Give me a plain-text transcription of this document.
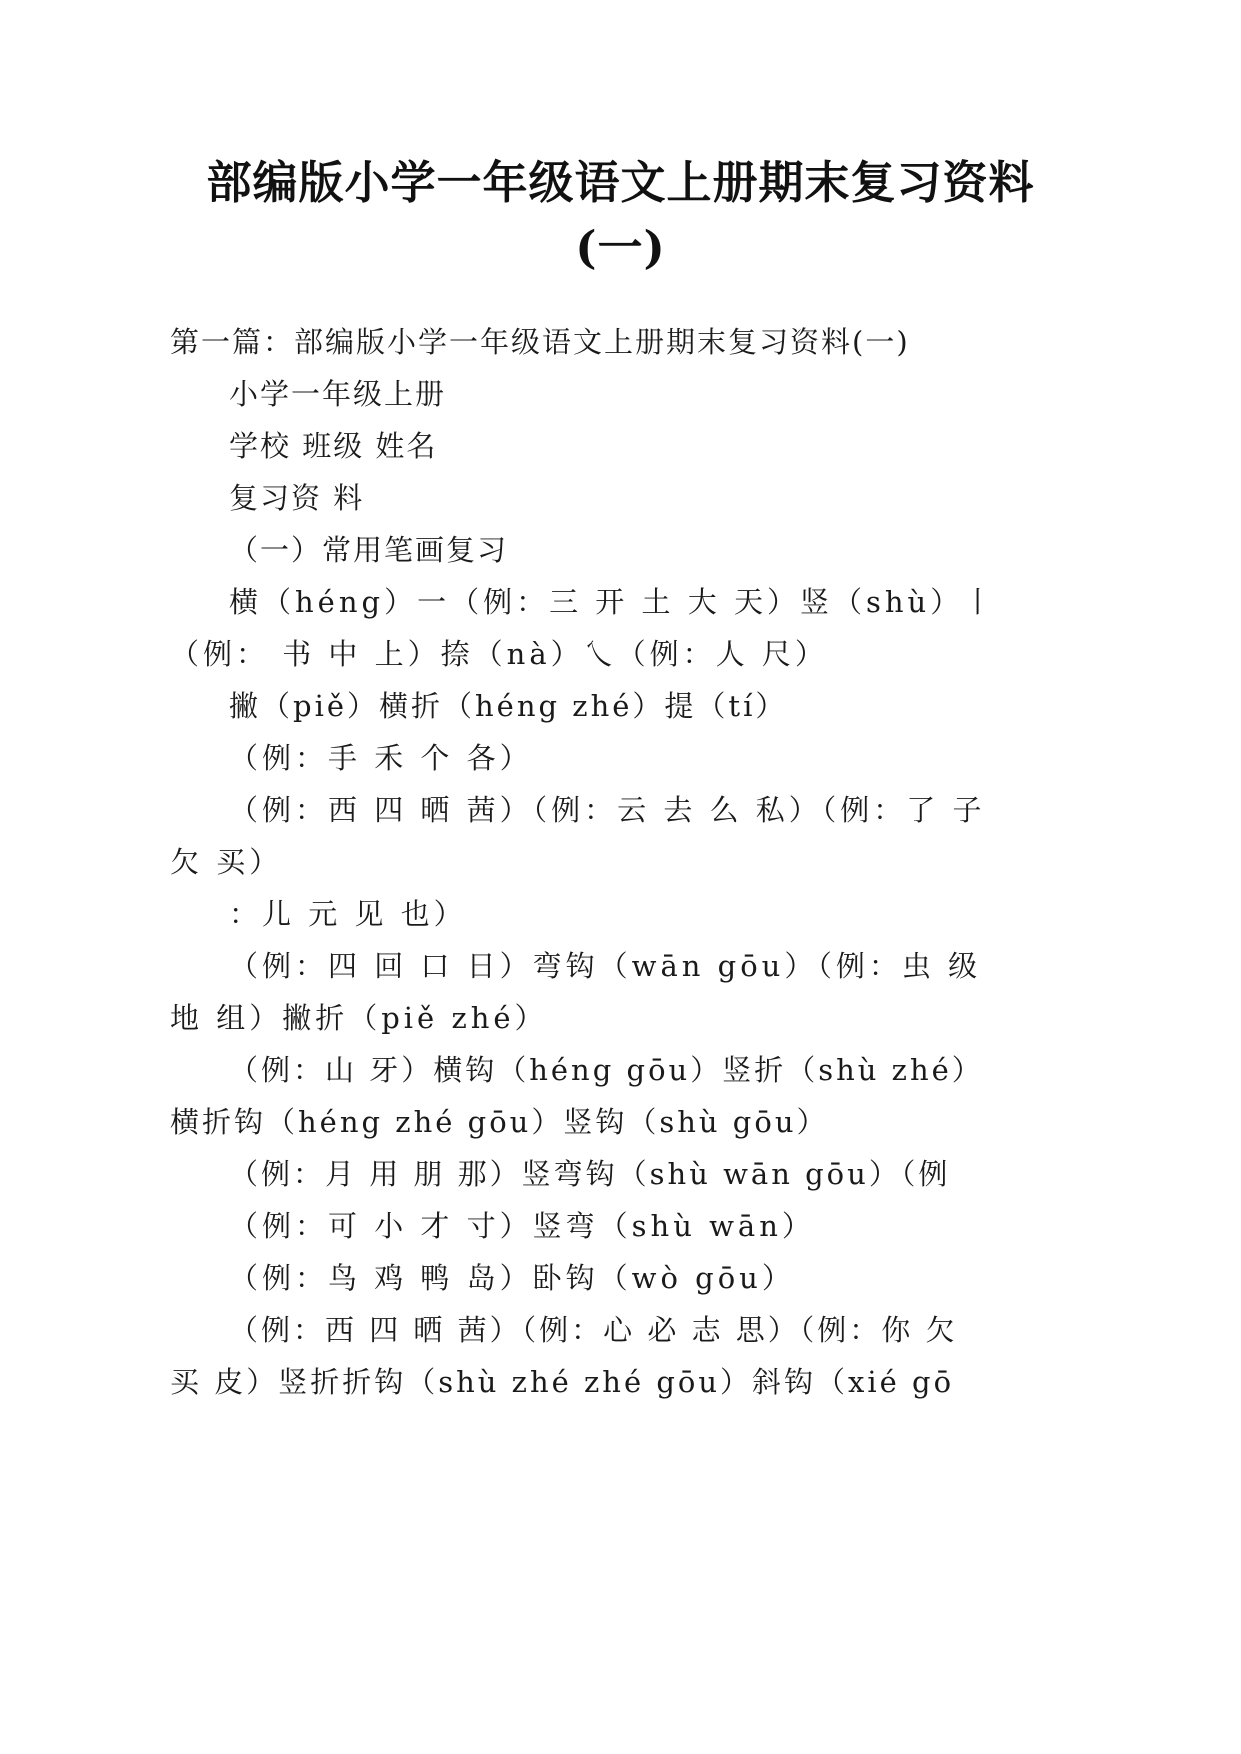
部编版小学一年级语文上册期末复习资料
(一)
第一篇：部编版小学一年级语文上册期末复习资料(一)
小学一年级上册
学校 班级 姓名
复习资 料
（一）常用笔画复习
横（héng）一（例：三 开 土 大 天）竖（shù）丨
（例： 书 中 上）捺（nà）乀（例：人 尺）
撇（piě）横折（héng zhé）提（tí）
（例：手 禾 个 各）
（例：西 四 晒 茜）（例：云 去 么 私）（例：了 子
欠 买）
：儿 元 见 也）
（例：四 回 口 日）弯钩（wān gōu）（例：虫 级
地 组）撇折（piě zhé）
（例：山 牙）横钩（héng gōu）竖折（shù zhé）
横折钩（héng zhé gōu）竖钩（shù gōu）
（例：月 用 朋 那）竖弯钩（shù wān gōu）（例
（例：可 小 才 寸）竖弯（shù wān）
（例：鸟 鸡 鸭 岛）卧钩（wò gōu）
（例：西 四 晒 茜）（例：心 必 志 思）（例：你 欠
买 皮）竖折折钩（shù zhé zhé gōu）斜钩（xié gō
